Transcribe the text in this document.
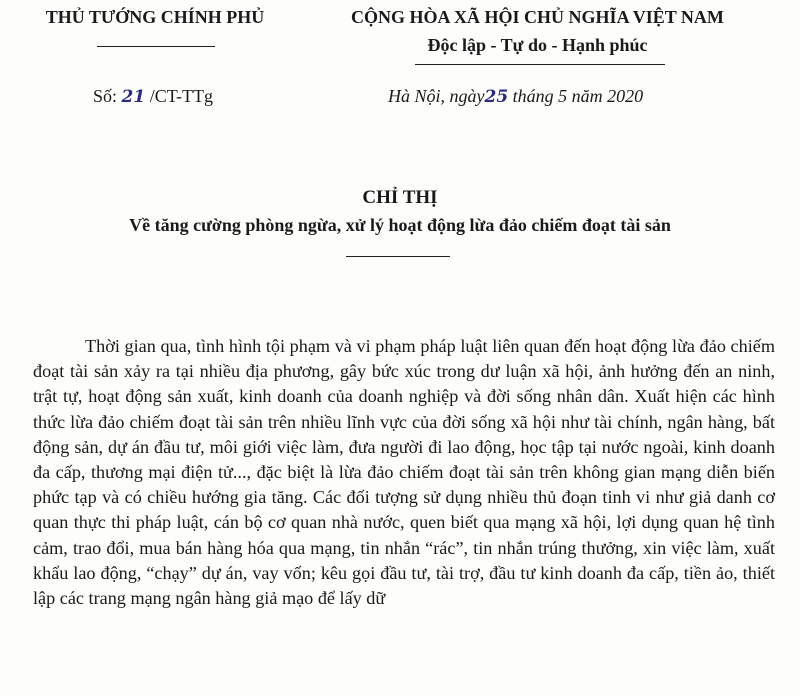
THỦ TƯỚNG CHÍNH PHỦ	CỘNG HÒA XÃ HỘI CHỦ NGHĨA VIỆT NAM
Độc lập - Tự do - Hạnh phúc
Số: 21 /CT-TTg	Hà Nội, ngày25 tháng 5 năm 2020
CHỈ THỊ
Về tăng cường phòng ngừa, xử lý hoạt động lừa đảo chiếm đoạt tài sản
Thời gian qua, tình hình tội phạm và vi phạm pháp luật liên quan đến hoạt động lừa đảo chiếm đoạt tài sản xảy ra tại nhiều địa phương, gây bức xúc trong dư luận xã hội, ảnh hưởng đến an ninh, trật tự, hoạt động sản xuất, kinh doanh của doanh nghiệp và đời sống nhân dân. Xuất hiện các hình thức lừa đảo chiếm đoạt tài sản trên nhiều lĩnh vực của đời sống xã hội như tài chính, ngân hàng, bất động sản, dự án đầu tư, môi giới việc làm, đưa người đi lao động, học tập tại nước ngoài, kinh doanh đa cấp, thương mại điện tử..., đặc biệt là lừa đảo chiếm đoạt tài sản trên không gian mạng diễn biến phức tạp và có chiều hướng gia tăng. Các đối tượng sử dụng nhiều thủ đoạn tinh vi như giả danh cơ quan thực thi pháp luật, cán bộ cơ quan nhà nước, quen biết qua mạng xã hội, lợi dụng quan hệ tình cảm, trao đổi, mua bán hàng hóa qua mạng, tin nhắn “rác”, tin nhắn trúng thưởng, xin việc làm, xuất khẩu lao động, “chạy” dự án, vay vốn; kêu gọi đầu tư, tài trợ, đầu tư kinh doanh đa cấp, tiền ảo, thiết lập các trang mạng ngân hàng giả mạo để lấy dữ
